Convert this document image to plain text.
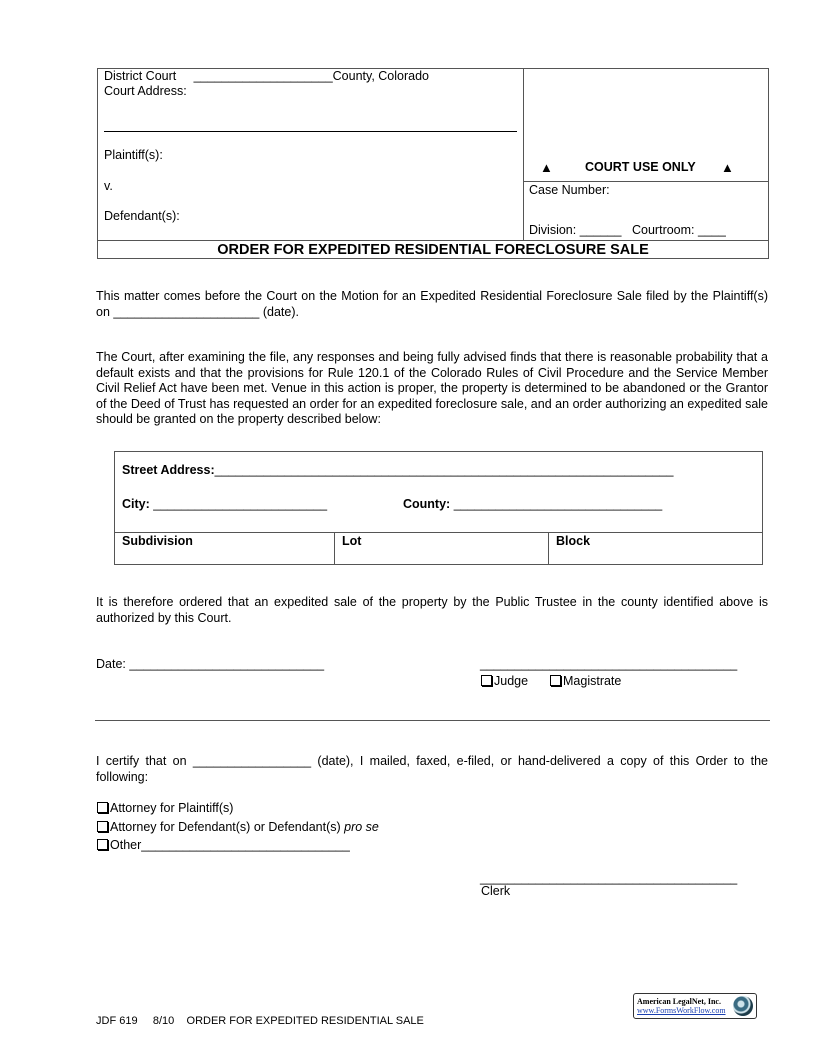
District Court ____________________County, Colorado
Court Address:
Plaintiff(s):
v.
Defendant(s):
▲	COURT USE ONLY ▲
Case Number:
Division: ______ Courtroom: ____
ORDER FOR EXPEDITED RESIDENTIAL FORECLOSURE SALE
This matter comes before the Court on the Motion for an Expedited Residential Foreclosure Sale filed by the Plaintiff(s) on _____________________ (date).
The Court, after examining the file, any responses and being fully advised finds that there is reasonable probability that a default exists and that the provisions for Rule 120.1 of the Colorado Rules of Civil Procedure and the Service Member Civil Relief Act have been met. Venue in this action is proper, the property is determined to be abandoned or the Grantor of the Deed of Trust has requested an order for an expedited foreclosure sale, and an order authorizing an expedited sale should be granted on the property described below:
Street Address:__________________________________________________________________
City: _________________________	County: ______________________________
Subdivision	Lot	Block
It is therefore ordered that an expedited sale of the property by the Public Trustee in the county identified above is authorized by this Court.
Date: ____________________________	_____________________________________
Judge	Magistrate
I certify that on _________________ (date), I mailed, faxed, e-filed, or hand-delivered a copy of this Order to the following:
Attorney for Plaintiff(s)
Attorney for Defendant(s) or Defendant(s) pro se
Other______________________________
_____________________________________
Clerk
JDF 619 8/10 ORDER FOR EXPEDITED RESIDENTIAL SALE
American LegalNet, Inc.
www.FormsWorkFlow.com
